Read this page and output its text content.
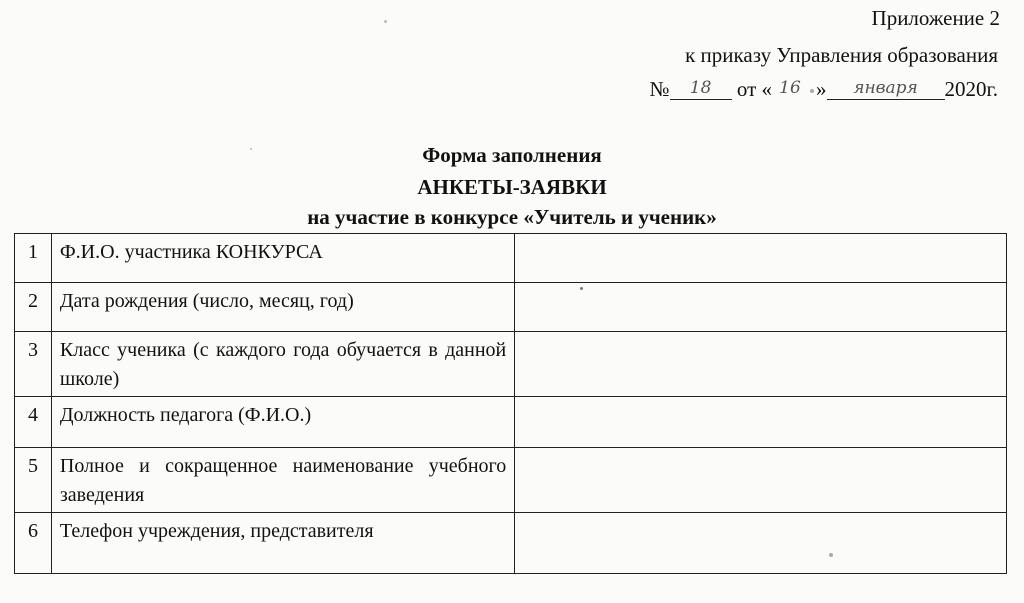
Приложение 2
к приказу Управления образования
№ 18 от « 16 » января 2020г.
Форма заполнения
АНКЕТЫ-ЗАЯВКИ
на участие в конкурсе «Учитель и ученик»
1	Ф.И.О. участника КОНКУРСА	
2	Дата рождения (число, месяц, год)	
3	Класс ученика (с каждого года обучается в данной школе)	
4	Должность педагога (Ф.И.О.)	
5	Полное и сокращенное наименование учебного заведения	
6	Телефон учреждения, представителя	
